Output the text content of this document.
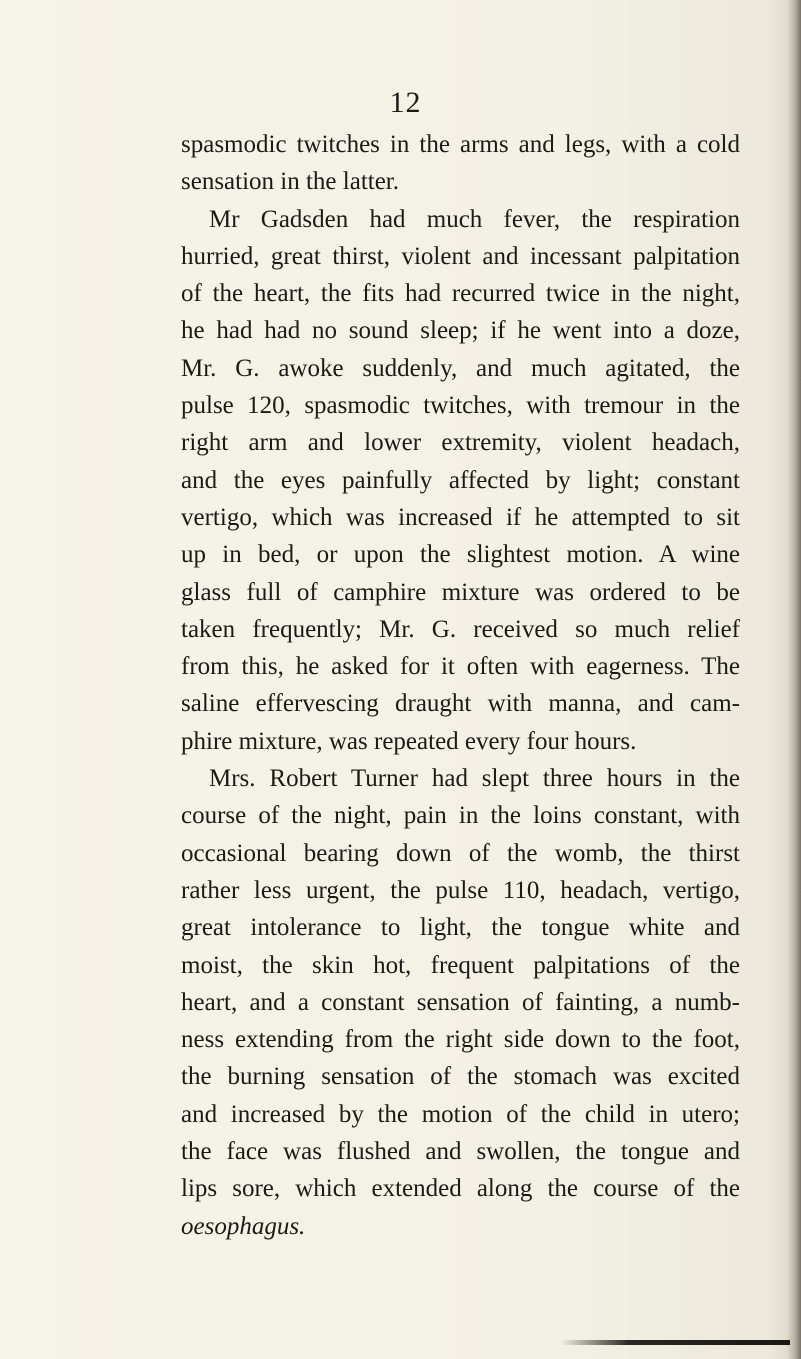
12
spasmodic twitches in the arms and legs, with a cold
sensation in the latter.
Mr Gadsden had much fever, the respiration
hurried, great thirst, violent and incessant palpitation
of the heart, the fits had recurred twice in the night,
he had had no sound sleep; if he went into a doze,
Mr. G. awoke suddenly, and much agitated, the
pulse 120, spasmodic twitches, with tremour in the
right arm and lower extremity, violent headach,
and the eyes painfully affected by light; constant
vertigo, which was increased if he attempted to sit
up in bed, or upon the slightest motion. A wine
glass full of camphire mixture was ordered to be
taken frequently; Mr. G. received so much relief
from this, he asked for it often with eagerness. The
saline effervescing draught with manna, and cam-
phire mixture, was repeated every four hours.
Mrs. Robert Turner had slept three hours in the
course of the night, pain in the loins constant, with
occasional bearing down of the womb, the thirst
rather less urgent, the pulse 110, headach, vertigo,
great intolerance to light, the tongue white and
moist, the skin hot, frequent palpitations of the
heart, and a constant sensation of fainting, a numb-
ness extending from the right side down to the foot,
the burning sensation of the stomach was excited
and increased by the motion of the child in utero;
the face was flushed and swollen, the tongue and
lips sore, which extended along the course of the
oesophagus.
